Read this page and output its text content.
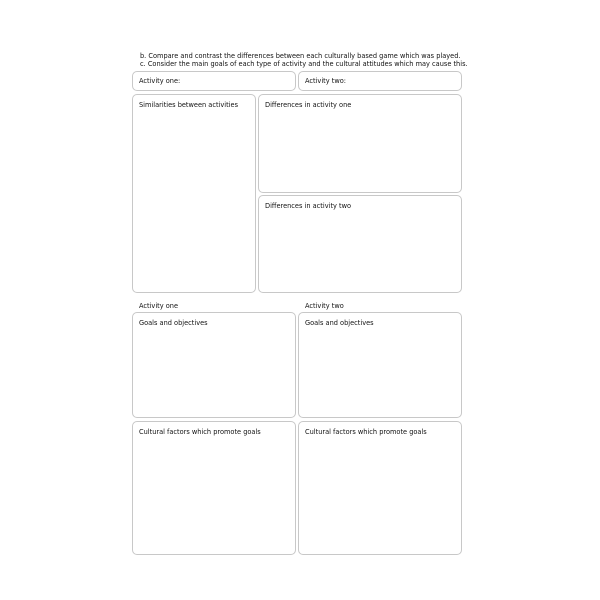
b. Compare and contrast the differences between each culturally based game which was played.
c. Consider the main goals of each type of activity and the cultural attitudes which may cause this.
Activity one:	Activity two:
Similarities between activities	Differences in activity one
Differences in activity two
Activity one	Activity two
Goals and objectives	Goals and objectives
Cultural factors which promote goals	Cultural factors which promote goals
